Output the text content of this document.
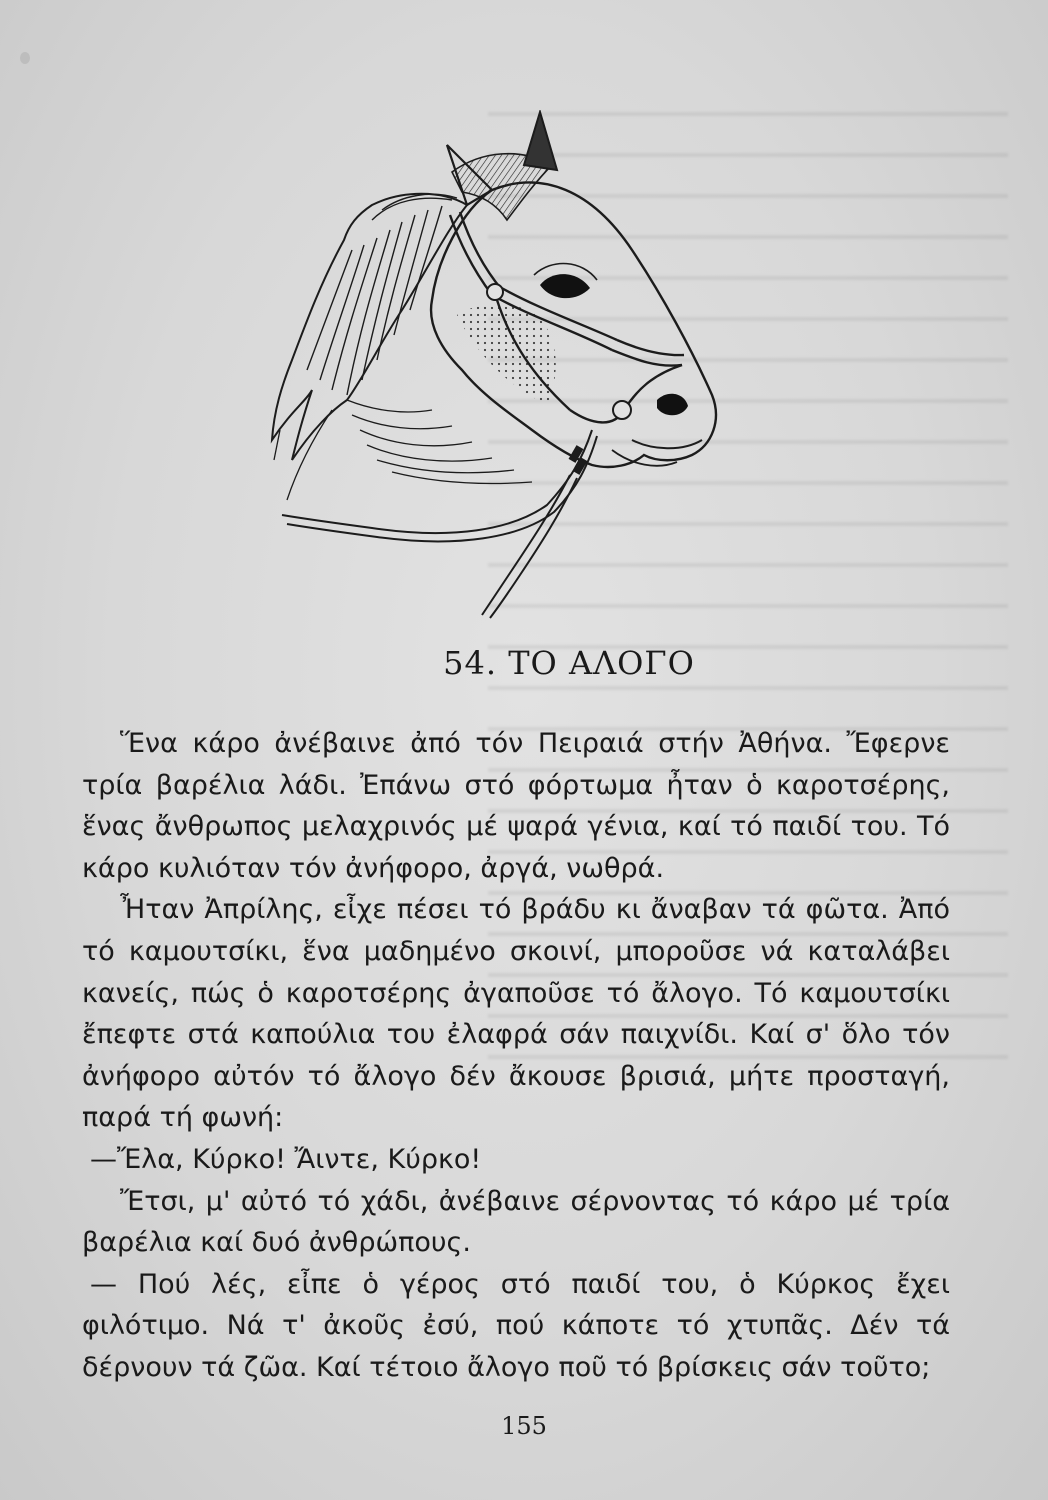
54. ΤΟ ΑΛΟΓΟ

Ἕνα κάρο ἀνέβαινε ἀπό τόν Πειραιά στήν Ἀθήνα. Ἔφερνε τρία βαρέλια λάδι. Ἐπάνω στό φόρτωμα ἦταν ὁ καροτσέρης, ἕνας ἄνθρωπος μελαχρινός μέ ψαρά γένια, καί τό παιδί του. Τό κάρο κυλιόταν τόν ἀνήφορο, ἀργά, νωθρά.

Ἦταν Ἀπρίλης, εἶχε πέσει τό βράδυ κι ἄναβαν τά φῶτα. Ἀπό τό καμουτσίκι, ἕνα μαδημένο σκοινί, μποροῦσε νά καταλάβει κανείς, πώς ὁ καροτσέρης ἀγαποῦσε τό ἄλογο. Τό καμουτσίκι ἔπεφτε στά καπούλια του ἐλαφρά σάν παιχνίδι. Καί σ' ὅλο τόν ἀνήφορο αὐτόν τό ἄλογο δέν ἄκουσε βρισιά, μήτε προσταγή, παρά τή φωνή:

—Ἔλα, Κύρκο! Ἄιντε, Κύρκο!

Ἔτσι, μ' αὐτό τό χάδι, ἀνέβαινε σέρνοντας τό κάρο μέ τρία βαρέλια καί δυό ἀνθρώπους.

— Πού λές, εἶπε ὁ γέρος στό παιδί του, ὁ Κύρκος ἔχει φιλότιμο. Νά τ' ἀκοῦς ἐσύ, πού κάποτε τό χτυπᾶς. Δέν τά δέρνουν τά ζῶα. Καί τέτοιο ἄλογο ποῦ τό βρίσκεις σάν τοῦτο;

155
